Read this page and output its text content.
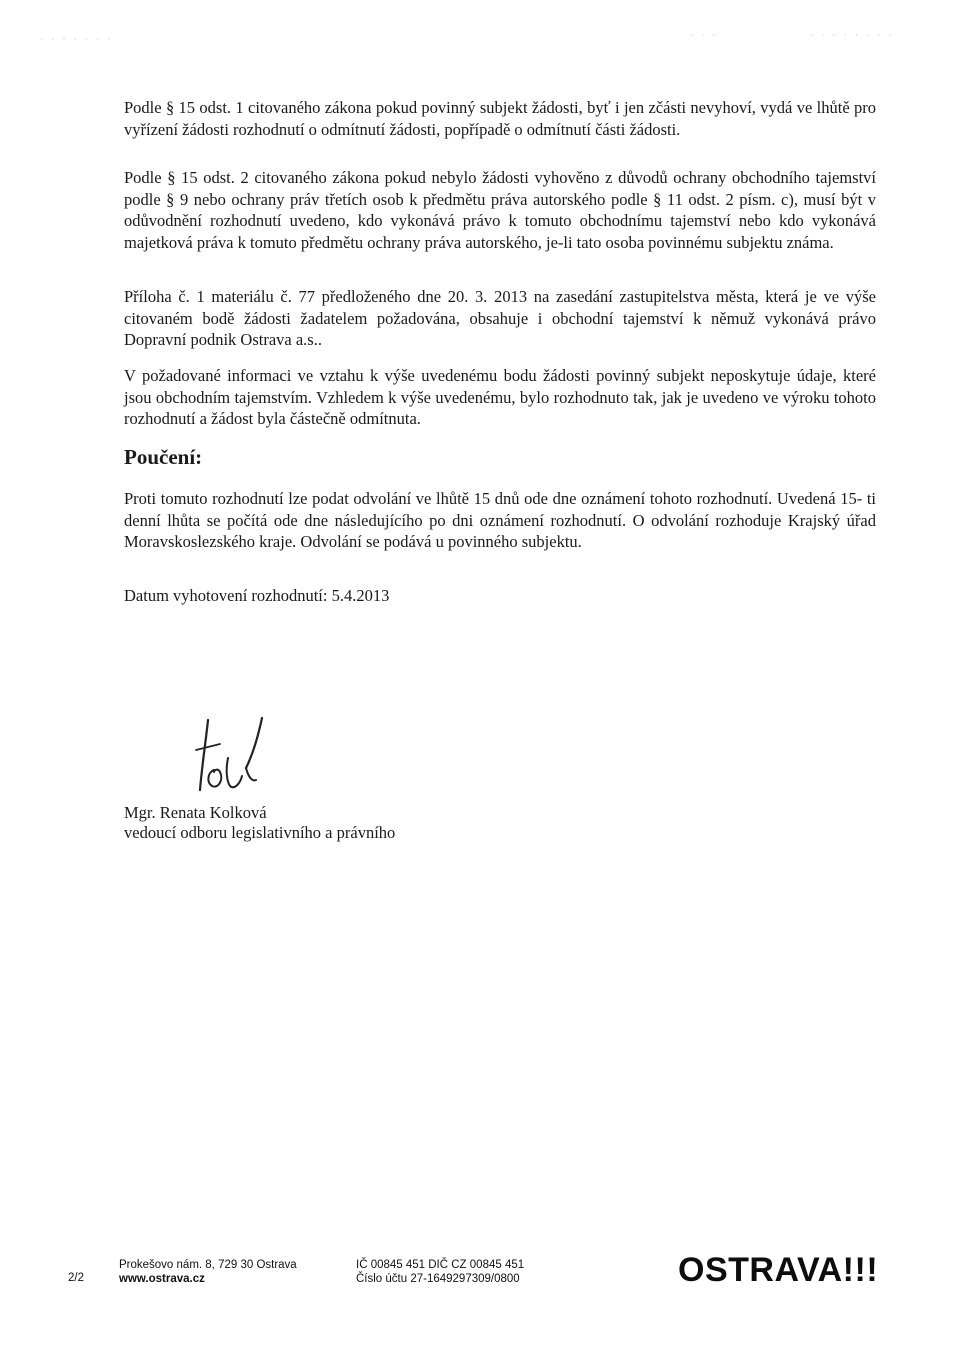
· · · · · · ·	· · ·	· · · · · · · ·

Podle § 15 odst. 1 citovaného zákona pokud povinný subjekt žádosti, byť i jen zčásti nevyhoví, vydá ve lhůtě pro vyřízení žádosti rozhodnutí o odmítnutí žádosti, popřípadě o odmítnutí části žádosti.

Podle § 15 odst. 2 citovaného zákona pokud nebylo žádosti vyhověno z důvodů ochrany obchodního tajemství podle § 9 nebo ochrany práv třetích osob k předmětu práva autorského podle § 11 odst. 2 písm. c), musí být v odůvodnění rozhodnutí uvedeno, kdo vykonává právo k tomuto obchodnímu tajemství nebo kdo vykonává majetková práva k tomuto předmětu ochrany práva autorského, je-li tato osoba povinnému subjektu známa.

Příloha č. 1 materiálu č. 77 předloženého dne 20. 3. 2013 na zasedání zastupitelstva města, která je ve výše citovaném bodě žádosti žadatelem požadována, obsahuje i obchodní tajemství k němuž vykonává právo Dopravní podnik Ostrava a.s..

V požadované informaci ve vztahu k výše uvedenému bodu žádosti povinný subjekt neposkytuje údaje, které jsou obchodním tajemstvím. Vzhledem k výše uvedenému, bylo rozhodnuto tak, jak je uvedeno ve výroku tohoto rozhodnutí a žádost byla částečně odmítnuta.

Poučení:

Proti tomuto rozhodnutí lze podat odvolání ve lhůtě 15 dnů ode dne oznámení tohoto rozhodnutí. Uvedená 15- ti denní lhůta se počítá ode dne následujícího po dni oznámení rozhodnutí. O odvolání rozhoduje Krajský úřad Moravskoslezského kraje. Odvolání se podává u povinného subjektu.

Datum vyhotovení rozhodnutí: 5.4.2013

Mgr. Renata Kolková

vedoucí odboru legislativního a právního

2/2

Prokešovo nám. 8, 729 30 Ostrava

www.ostrava.cz

IČ 00845 451 DIČ CZ 00845 451

Číslo účtu 27-1649297309/0800	OSTRAVA!!!
